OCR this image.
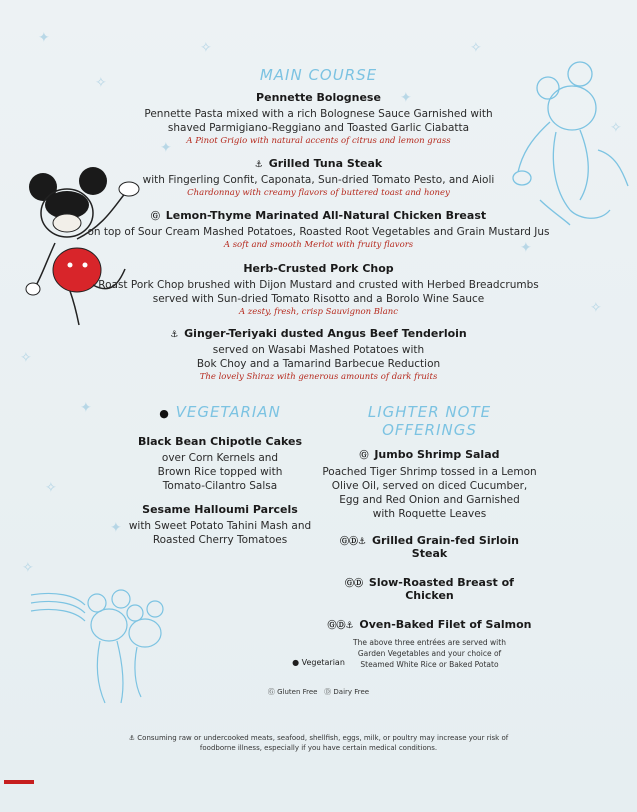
✦
✧
✦
✧
✧
✦
✧
✦
✧
✧
✦
✧
✦
✧
MAIN COURSE
Pennette Bolognese
Pennette Pasta mixed with a rich Bolognese Sauce Garnished with
shaved Parmigiano-Reggiano and Toasted Garlic Ciabatta
A Pinot Grigio with natural accents of citrus and lemon grass
⚓ Grilled Tuna Steak
with Fingerling Confit, Caponata, Sun-dried Tomato Pesto, and Aioli
Chardonnay with creamy flavors of buttered toast and honey
Ⓖ Lemon-Thyme Marinated All-Natural Chicken Breast
on top of Sour Cream Mashed Potatoes, Roasted Root Vegetables and Grain Mustard Jus
A soft and smooth Merlot with fruity flavors
Herb-Crusted Pork Chop
Roast Pork Chop brushed with Dijon Mustard and crusted with Herbed Breadcrumbs
served with Sun-dried Tomato Risotto and a Borolo Wine Sauce
A zesty, fresh, crisp Sauvignon Blanc
⚓ Ginger-Teriyaki dusted Angus Beef Tenderloin
served on Wasabi Mashed Potatoes with
Bok Choy and a Tamarind Barbecue Reduction
The lovely Shiraz with generous amounts of dark fruits
● VEGETARIAN
Black Bean Chipotle Cakes
over Corn Kernels and
Brown Rice topped with
Tomato-Cilantro Salsa
Sesame Halloumi Parcels
with Sweet Potato Tahini Mash and
Roasted Cherry Tomatoes
LIGHTER NOTE OFFERINGS
Ⓖ Jumbo Shrimp Salad
Poached Tiger Shrimp tossed in a Lemon
Olive Oil, served on diced Cucumber,
Egg and Red Onion and Garnished
with Roquette Leaves
ⒼⒹ⚓ Grilled Grain-fed Sirloin Steak
ⒼⒹ Slow-Roasted Breast of Chicken
ⒼⒹ⚓ Oven-Baked Filet of Salmon
The above three entrées are served with
Garden Vegetables and your choice of
Steamed White Rice or Baked Potato
● Vegetarian
Ⓖ Gluten Free Ⓓ Dairy Free
⚓ Consuming raw or undercooked meats, seafood, shellfish, eggs, milk, or poultry may increase your risk of
foodborne illness, especially if you have certain medical conditions.
